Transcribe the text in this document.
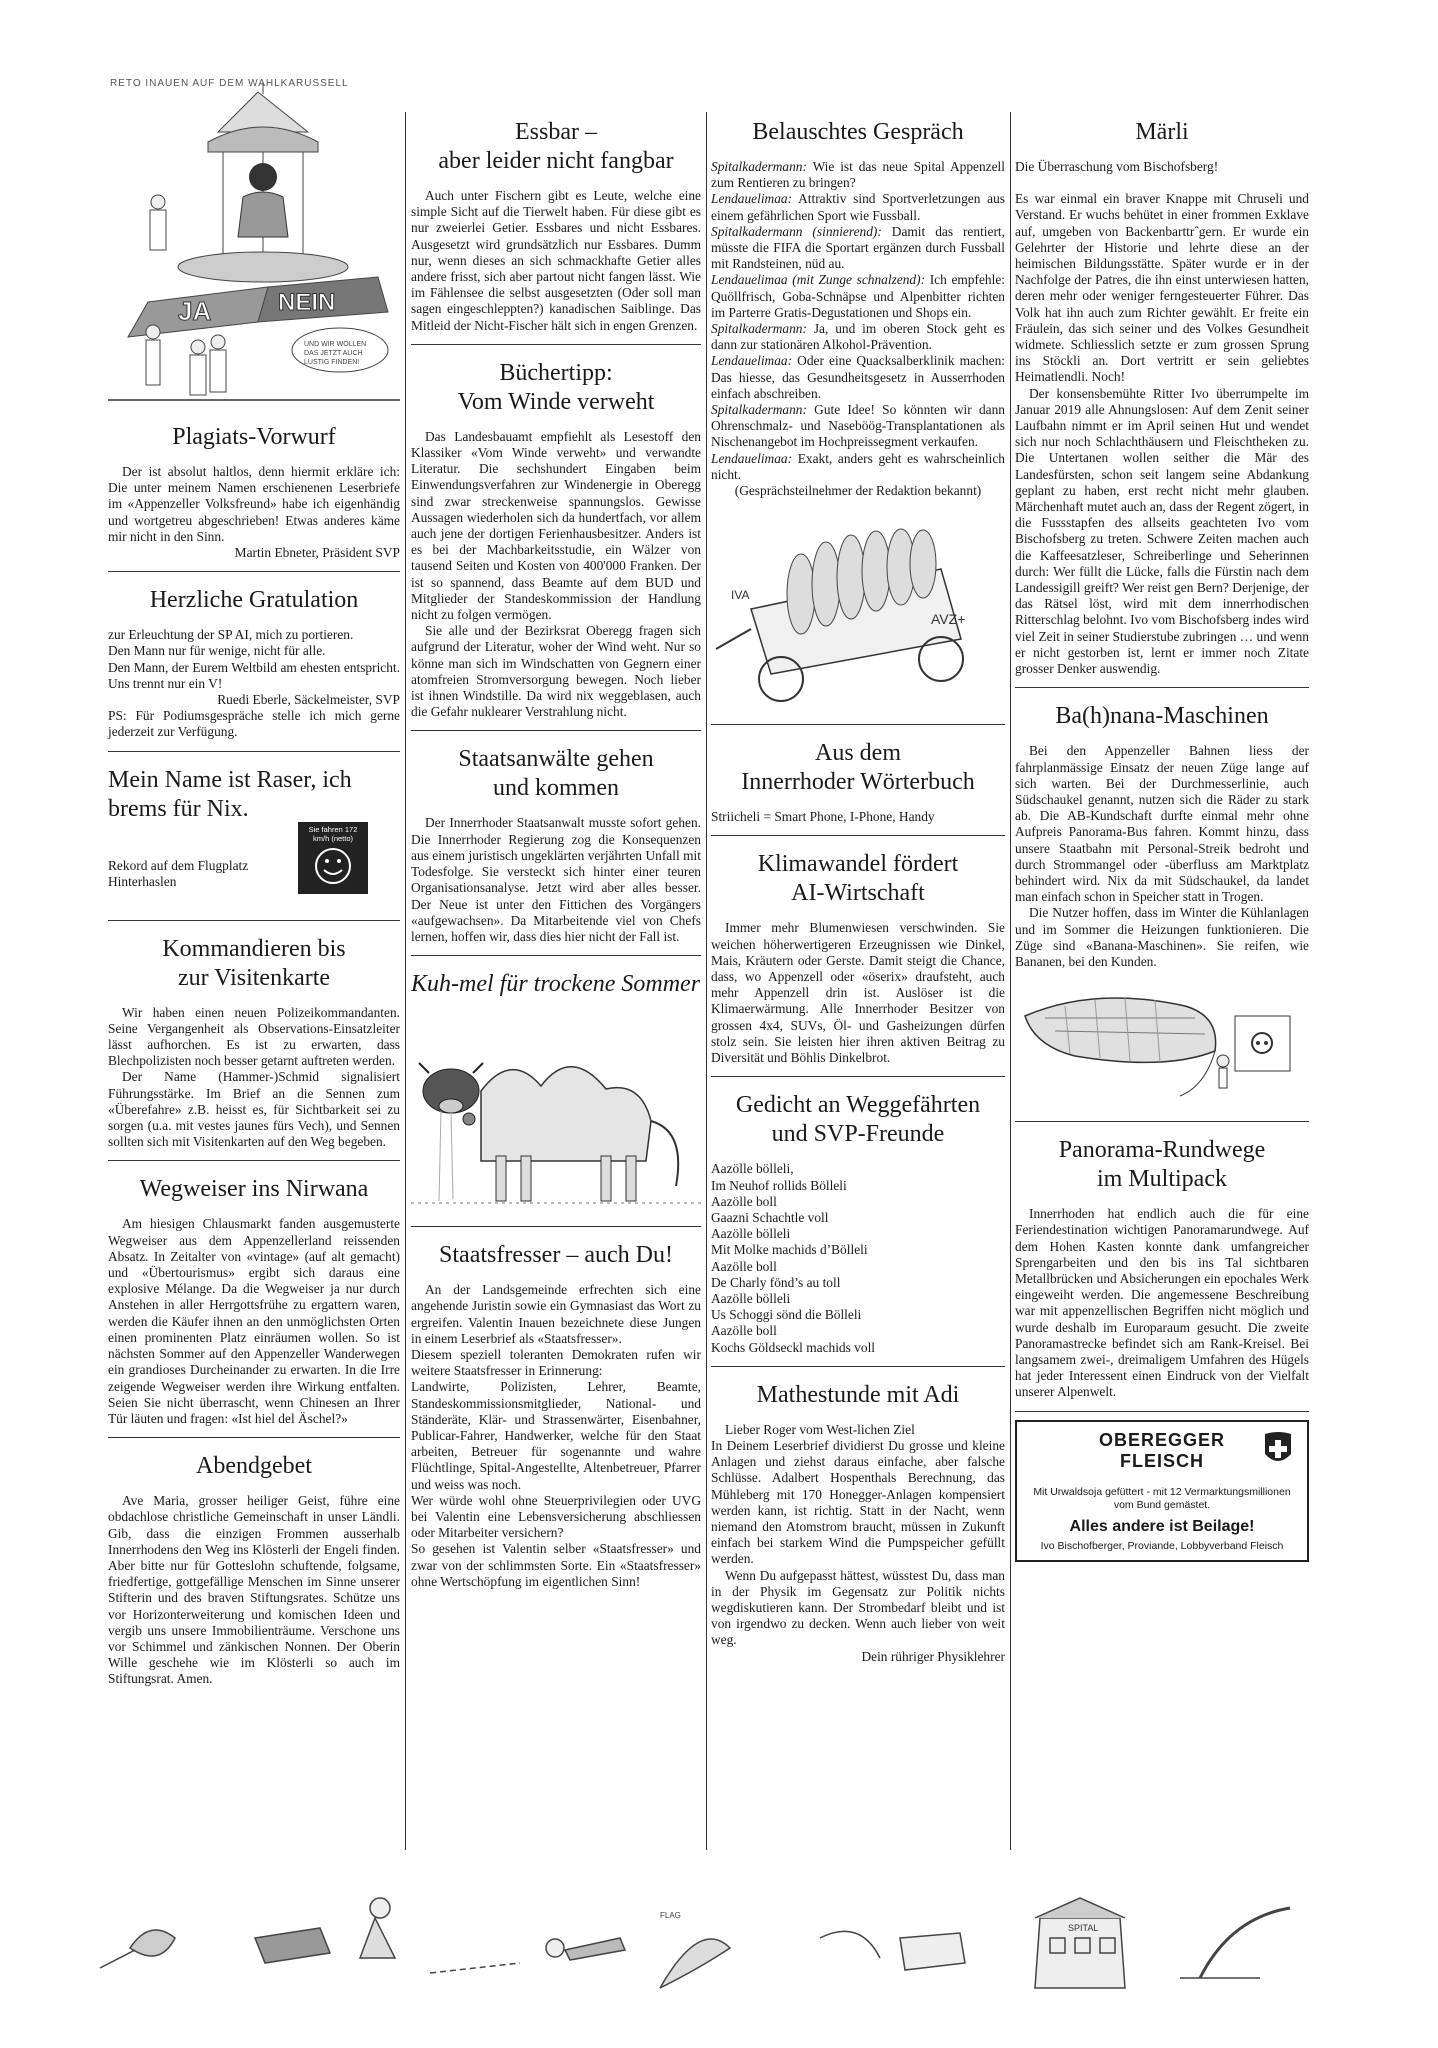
RETO INAUEN AUF DEM WAHLKARUSSELL
JA	NEIN
UND WIR WOLLEN DAS JETZT AUCH LUSTIG FINDEN!
Plagiats-Vorwurf

Der ist absolut haltlos, denn hiermit erkläre ich: Die unter meinem Namen erschienenen Leserbriefe im «Appenzeller Volksfreund» habe ich eigenhändig und wortgetreu abgeschrieben! Etwas anderes käme mir nicht in den Sinn.

Martin Ebneter, Präsident SVP

Herzliche Gratulation

zur Erleuchtung der SP AI, mich zu portieren.

Den Mann nur für wenige, nicht für alle.

Den Mann, der Eurem Weltbild am ehesten entspricht. Uns trennt nur ein V!

Ruedi Eberle, Säckelmeister, SVP

PS: Für Podiumsgespräche stelle ich mich gerne jederzeit zur Verfügung.

Mein Name ist Raser, ich brems für Nix.

Rekord auf dem Flugplatz Hinterhaslen

Sie fahren 172 km/h (netto)
Kommandieren bis
zur Visitenkarte

Wir haben einen neuen Polizeikommandanten. Seine Vergangenheit als Observations-Einsatzleiter lässt aufhorchen. Es ist zu erwarten, dass Blechpolizisten noch besser getarnt auftreten werden.

Der Name (Hammer-)Schmid signalisiert Führungsstärke. Im Brief an die Sennen zum «Überefahre» z.B. heisst es, für Sichtbarkeit sei zu sorgen (u.a. mit vestes jaunes fürs Vech), und Sennen sollten sich mit Visitenkarten auf den Weg begeben.

Wegweiser ins Nirwana

Am hiesigen Chlausmarkt fanden ausgemusterte Wegweiser aus dem Appenzellerland reissenden Absatz. In Zeitalter von «vintage» (auf alt gemacht) und «Übertourismus» ergibt sich daraus eine explosive Mélange. Da die Wegweiser ja nur durch Anstehen in aller Herrgottsfrühe zu ergattern waren, werden die Käufer ihnen an den unmöglichsten Orten einen prominenten Platz einräumen wollen. So ist nächsten Sommer auf den Appenzeller Wanderwegen ein grandioses Durcheinander zu erwarten. In die Irre zeigende Wegweiser werden ihre Wirkung entfalten. Seien Sie nicht überrascht, wenn Chinesen an Ihrer Tür läuten und fragen: «Ist hiel del Äschel?»

Abendgebet

Ave Maria, grosser heiliger Geist, führe eine obdachlose christliche Gemeinschaft in unser Ländli. Gib, dass die einzigen Frommen ausserhalb Innerrhodens den Weg ins Klösterli der Engeli finden. Aber bitte nur für Gotteslohn schuftende, folgsame, friedfertige, gottgefällige Menschen im Sinne unserer Stifterin und des braven Stiftungsrates. Schütze uns vor Horizonterweiterung und komischen Ideen und vergib uns unsere Immobilienträume. Verschone uns vor Schimmel und zänkischen Nonnen. Der Oberin Wille geschehe wie im Klösterli so auch im Stiftungsrat. Amen.

Essbar –
aber leider nicht fangbar

Auch unter Fischern gibt es Leute, welche eine simple Sicht auf die Tierwelt haben. Für diese gibt es nur zweierlei Getier. Essbares und nicht Essbares. Ausgesetzt wird grundsätzlich nur Essbares. Dumm nur, wenn dieses an sich schmackhafte Getier alles andere frisst, sich aber partout nicht fangen lässt. Wie im Fählensee die selbst ausgesetzten (Oder soll man sagen eingeschleppten?) kanadischen Saiblinge. Das Mitleid der Nicht-Fischer hält sich in engen Grenzen.

Büchertipp:
Vom Winde verweht

Das Landesbauamt empfiehlt als Lesestoff den Klassiker «Vom Winde verweht» und verwandte Literatur. Die sechshundert Eingaben beim Einwendungsverfahren zur Windenergie in Oberegg sind zwar streckenweise spannungslos. Gewisse Aussagen wiederholen sich da hundertfach, vor allem auch jene der dortigen Ferienhausbesitzer. Anders ist es bei der Machbarkeitsstudie, ein Wälzer von tausend Seiten und Kosten von 400'000 Franken. Der ist so spannend, dass Beamte auf dem BUD und Mitglieder der Standeskommission der Handlung nicht zu folgen vermögen.

Sie alle und der Bezirksrat Oberegg fragen sich aufgrund der Literatur, woher der Wind weht. Nur so könne man sich im Windschatten von Gegnern einer atomfreien Stromversorgung bewegen. Noch lieber ist ihnen Windstille. Da wird nix weggeblasen, auch die Gefahr nuklearer Verstrahlung nicht.

Staatsanwälte gehen
und kommen

Der Innerrhoder Staatsanwalt musste sofort gehen. Die Innerrhoder Regierung zog die Konsequenzen aus einem juristisch ungeklärten verjährten Unfall mit Todesfolge. Sie versteckt sich hinter einer teuren Organisationsanalyse. Jetzt wird aber alles besser. Der Neue ist unter den Fittichen des Vorgängers «aufgewachsen». Da Mitarbeitende viel von Chefs lernen, hoffen wir, dass dies hier nicht der Fall ist.

Kuh-mel für trockene Sommer
Staatsfresser – auch Du!

An der Landsgemeinde erfrechten sich eine angehende Juristin sowie ein Gymnasiast das Wort zu ergreifen. Valentin Inauen bezeichnete diese Jungen in einem Leserbrief als «Staatsfresser».

Diesem speziell toleranten Demokraten rufen wir weitere Staatsfresser in Erinnerung:

Landwirte, Polizisten, Lehrer, Beamte, Standeskommissionsmitglieder, National- und Ständeräte, Klär- und Strassenwärter, Eisenbahner, Publicar-Fahrer, Handwerker, welche für den Staat arbeiten, Betreuer für sogenannte und wahre Flüchtlinge, Spital-Angestellte, Altenbetreuer, Pfarrer und weiss was noch.

Wer würde wohl ohne Steuerprivilegien oder UVG bei Valentin eine Lebensversicherung abschliessen oder Mitarbeiter versichern?

So gesehen ist Valentin selber «Staatsfresser» und zwar von der schlimmsten Sorte. Ein «Staatsfresser» ohne Wertschöpfung im eigentlichen Sinn!

Belauschtes Gespräch

Spitalkadermann: Wie ist das neue Spital Appenzell zum Rentieren zu bringen?

Lendauelimaa: Attraktiv sind Sportverletzungen aus einem gefährlichen Sport wie Fussball.

Spitalkadermann (sinnierend): Damit das rentiert, müsste die FIFA die Sportart ergänzen durch Fussball mit Randsteinen, nüd au.

Lendauelimaa (mit Zunge schnalzend): Ich empfehle: Quöllfrisch, Goba-Schnäpse und Alpenbitter richten im Parterre Gratis-Degustationen und Shops ein.

Spitalkadermann: Ja, und im oberen Stock geht es dann zur stationären Alkohol-Prävention.

Lendauelimaa: Oder eine Quacksalberklinik machen: Das hiesse, das Gesundheitsgesetz in Ausserrhoden einfach abschreiben.

Spitalkadermann: Gute Idee! So könnten wir dann Ohrenschmalz- und Naseböög-Transplantationen als Nischenangebot im Hochpreissegment verkaufen.

Lendauelimaa: Exakt, anders geht es wahrscheinlich nicht.

(Gesprächsteilnehmer der Redaktion bekannt)

AVZ+
IVA
Aus dem
Innerrhoder Wörterbuch

Striicheli = Smart Phone, I-Phone, Handy

Klimawandel fördert
AI-Wirtschaft

Immer mehr Blumenwiesen verschwinden. Sie weichen höherwertigeren Erzeugnissen wie Dinkel, Mais, Kräutern oder Gerste. Damit steigt die Chance, dass, wo Appenzell oder «öserix» draufsteht, auch mehr Appenzell drin ist. Auslöser ist die Klimaerwärmung. Alle Innerrhoder Besitzer von grossen 4x4, SUVs, Öl- und Gasheizungen dürfen stolz sein. Sie leisten hier ihren aktiven Beitrag zu Diversität und Böhlis Dinkelbrot.

Gedicht an Weggefährten
und SVP-Freunde

Aazölle bölleli,

Im Neuhof rollids Bölleli

Aazölle boll

Gaazni Schachtle voll

Aazölle bölleli

Mit Molke machids d’Bölleli

Aazölle boll

De Charly fönd’s au toll

Aazölle bölleli

Us Schoggi sönd die Bölleli

Aazölle boll

Kochs Göldseckl machids voll

Mathestunde mit Adi

Lieber Roger vom West-lichen Ziel

In Deinem Leserbrief dividierst Du grosse und kleine Anlagen und ziehst daraus einfache, aber falsche Schlüsse. Adalbert Hospenthals Berechnung, das Mühleberg mit 170 Honegger-Anlagen kompensiert werden kann, ist richtig. Statt in der Nacht, wenn niemand den Atomstrom braucht, müssen in Zukunft einfach bei starkem Wind die Pumpspeicher gefüllt werden.

Wenn Du aufgepasst hättest, wüsstest Du, dass man in der Physik im Gegensatz zur Politik nichts wegdiskutieren kann. Der Strombedarf bleibt und ist von irgendwo zu decken. Wenn auch lieber von weit weg.

Dein rühriger Physiklehrer

Märli

Die Überraschung vom Bischofsberg!

Es war einmal ein braver Knappe mit Chruseli und Verstand. Er wuchs behütet in einer frommen Exklave auf, umgeben von Backenbarttrˆgern. Er wurde ein Gelehrter der Historie und lehrte diese an der heimischen Bildungsstätte. Später wurde er in der Nachfolge der Patres, die ihn einst unterwiesen hatten, deren mehr oder weniger ferngesteuerter Führer. Das Volk hat ihn auch zum Richter gewählt. Er freite ein Fräulein, das sich seiner und des Volkes Gesundheit widmete. Schliesslich setzte er zum grossen Sprung ins Stöckli an. Dort vertritt er sein geliebtes Heimatlendli. Noch!

Der konsensbemühte Ritter Ivo überrumpelte im Januar 2019 alle Ahnungslosen: Auf dem Zenit seiner Laufbahn nimmt er im April seinen Hut und wendet sich nur noch Schlachthäusern und Fleischtheken zu. Die Untertanen wollen seither die Mär des Landesfürsten, schon seit langem seine Abdankung geplant zu haben, erst recht nicht mehr glauben. Märchenhaft mutet auch an, dass der Regent zögert, in die Fussstapfen des allseits geachteten Ivo vom Bischofsberg zu treten. Schwere Zeiten machen auch die Kaffeesatzleser, Schreiberlinge und Seherinnen durch: Wer füllt die Lücke, falls die Fürstin nach dem Landessigill greift? Wer reist gen Bern? Derjenige, der das Rätsel löst, wird mit dem innerrhodischen Ritterschlag belohnt. Ivo vom Bischofsberg indes wird viel Zeit in seiner Studierstube zubringen … und wenn er nicht gestorben ist, lernt er immer noch Zitate grosser Denker auswendig.

Ba(h)nana-Maschinen

Bei den Appenzeller Bahnen liess der fahrplanmässige Einsatz der neuen Züge lange auf sich warten. Bei der Durchmesserlinie, auch Südschaukel genannt, nutzen sich die Räder zu stark ab. Die AB-Kundschaft durfte einmal mehr ohne Aufpreis Panorama-Bus fahren. Kommt hinzu, dass unsere Staatbahn mit Personal-Streik bedroht und durch Strommangel oder -überfluss am Marktplatz behindert wird. Nix da mit Südschaukel, da landet man einfach schon in Speicher statt in Trogen.

Die Nutzer hoffen, dass im Winter die Kühlanlagen und im Sommer die Heizungen funktionieren. Die Züge sind «Banana-Maschinen». Sie reifen, wie Bananen, bei den Kunden.

Panorama-Rundwege
im Multipack

Innerrhoden hat endlich auch die für eine Feriendestination wichtigen Panoramarundwege. Auf dem Hohen Kasten konnte dank umfangreicher Sprengarbeiten und den bis ins Tal sichtbaren Metallbrücken und Absicherungen ein epochales Werk eingeweiht werden. Die angemessene Beschreibung war mit appenzellischen Begriffen nicht möglich und wurde deshalb im Europaraum gesucht. Die zweite Panoramastrecke befindet sich am Rank-Kreisel. Bei langsamem zwei-, dreimaligem Umfahren des Hügels hat jeder Interessent einen Eindruck von der Vielfalt unserer Alpenwelt.

OBEREGGER
FLEISCH
Mit Urwaldsoja gefüttert - mit 12 Vermarktungsmillionen vom Bund gemästet.
Alles andere ist Beilage!
Ivo Bischofberger, Proviande, Lobbyverband Fleisch
FLAG
SPITAL
